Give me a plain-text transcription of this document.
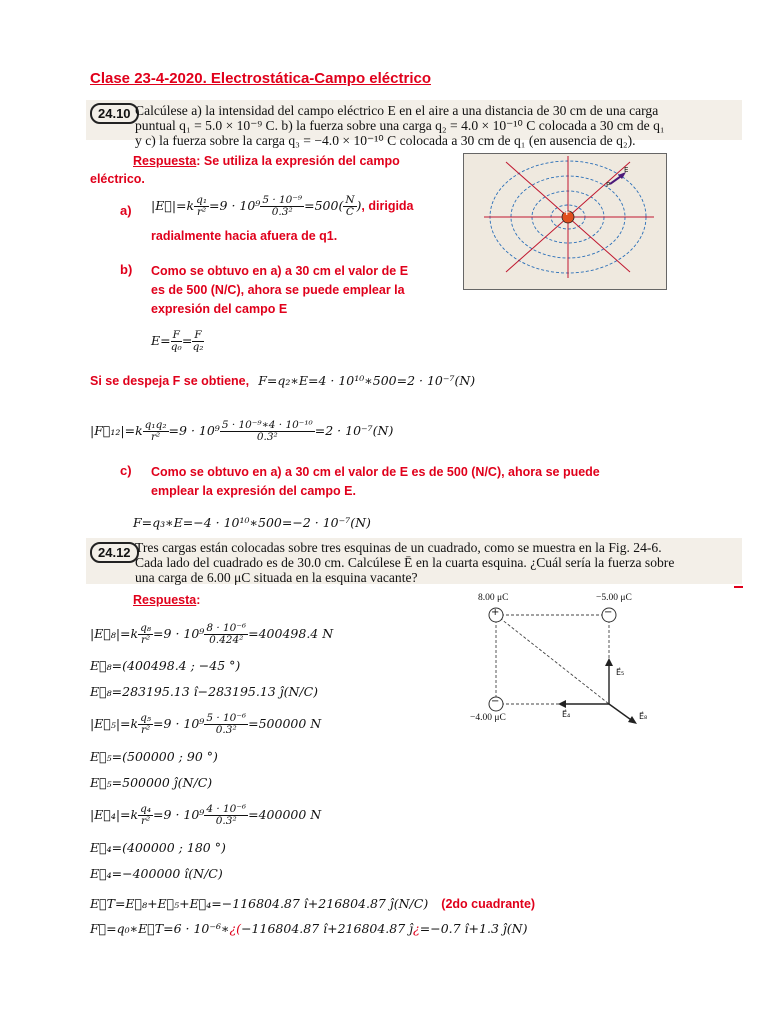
Clase 23-4-2020. Electrostática-Campo eléctrico
24.10 Calcúlese a) la intensidad del campo eléctrico E en el aire a una distancia de 30 cm de una carga
puntual q₁ = 5.0 × 10⁻⁹ C. b) la fuerza sobre una carga q₂ = 4.0 × 10⁻¹⁰ C colocada a 30 cm de q₁
y c) la fuerza sobre la carga q₃ = −4.0 × 10⁻¹⁰ C colocada a 30 cm de q₁ (en ausencia de q₂).
Respuesta: Se utiliza la expresión del campo
eléctrico.
+
E
P
a) |E⃗|=k $\frac{\text{q₁}}{\text{r²}} =9 \cdot 10^9 \frac{\text{5 · 10⁻⁹}}{\text{0.3²}} =500( \frac{N}{C}$ ), dirigida
radialmente hacia afuera de q1.
b) Como se obtuvo en a) a 30 cm el valor de E
es de 500 (N/C), ahora se puede emplear la
expresión del campo E
$E= \frac{F}{\text{q₀}} = \frac{F}{\text{q₂}}$
Si se despeja F se obtiene, F=q₂∗E=4 · 10¹⁰∗500=2 · 10⁻⁷(N)
|F⃗₁₂|=k $\frac{\text{q₁q₂}}{\text{r²}} =9 \cdot 10^9 \frac{\text{5 · 10⁻⁹∗4 · 10⁻¹⁰}}{\text{0.3²}} =2 \cdot 10^{-7}(N)$
c) Como se obtuvo en a) a 30 cm el valor de E es de 500 (N/C), ahora se puede
emplear la expresión del campo E.
F=q₃∗E=−4 · 10¹⁰∗500=−2 · 10⁻⁷(N)
24.12 Tres cargas están colocadas sobre tres esquinas de un cuadrado, como se muestra en la Fig. 24-6.
Cada lado del cuadrado es de 30.0 cm. Calcúlese Ē en la cuarta esquina. ¿Cuál sería la fuerza sobre
una carga de 6.00 μC situada en la esquina vacante?
Respuesta:
+	−
−
8.00 μC	−5.00 μC
−4.00 μC
E⃗₅
E⃗₄	E⃗₈
|E⃗₈|=k $\frac{\text{q₈}}{\text{r²}} =9 \cdot 10^9 \frac{\text{8 · 10⁻⁶}}{\text{0.424²}} =400498.4$ N
E⃗₈=(400498.4 ; −45 °)
E⃗₈=283195.13 î−283195.13 ĵ(N/C)
|E⃗₅|=k $\frac{\text{q₅}}{\text{r²}} =9 \cdot 10^9 \frac{\text{5 · 10⁻⁶}}{\text{0.3²}} =500000$ N
E⃗₅=(500000 ; 90 °)
E⃗₅=500000 ĵ(N/C)
|E⃗₄|=k $\frac{\text{q₄}}{\text{r²}} =9 \cdot 10^9 \frac{\text{4 · 10⁻⁶}}{\text{0.3²}} =400000$ N
E⃗₄=(400000 ; 180 °)
E⃗₄=−400000 î(N/C)
E⃗T=E⃗₈+E⃗₅+E⃗₄=−116804.87 î+216804.87 ĵ(N/C) (2do cuadrante)
F⃗=q₀∗E⃗T=6 · 10⁻⁶∗¿(−116804.87 î+216804.87 ĵ¿=−0.7 î+1.3 ĵ(N)
